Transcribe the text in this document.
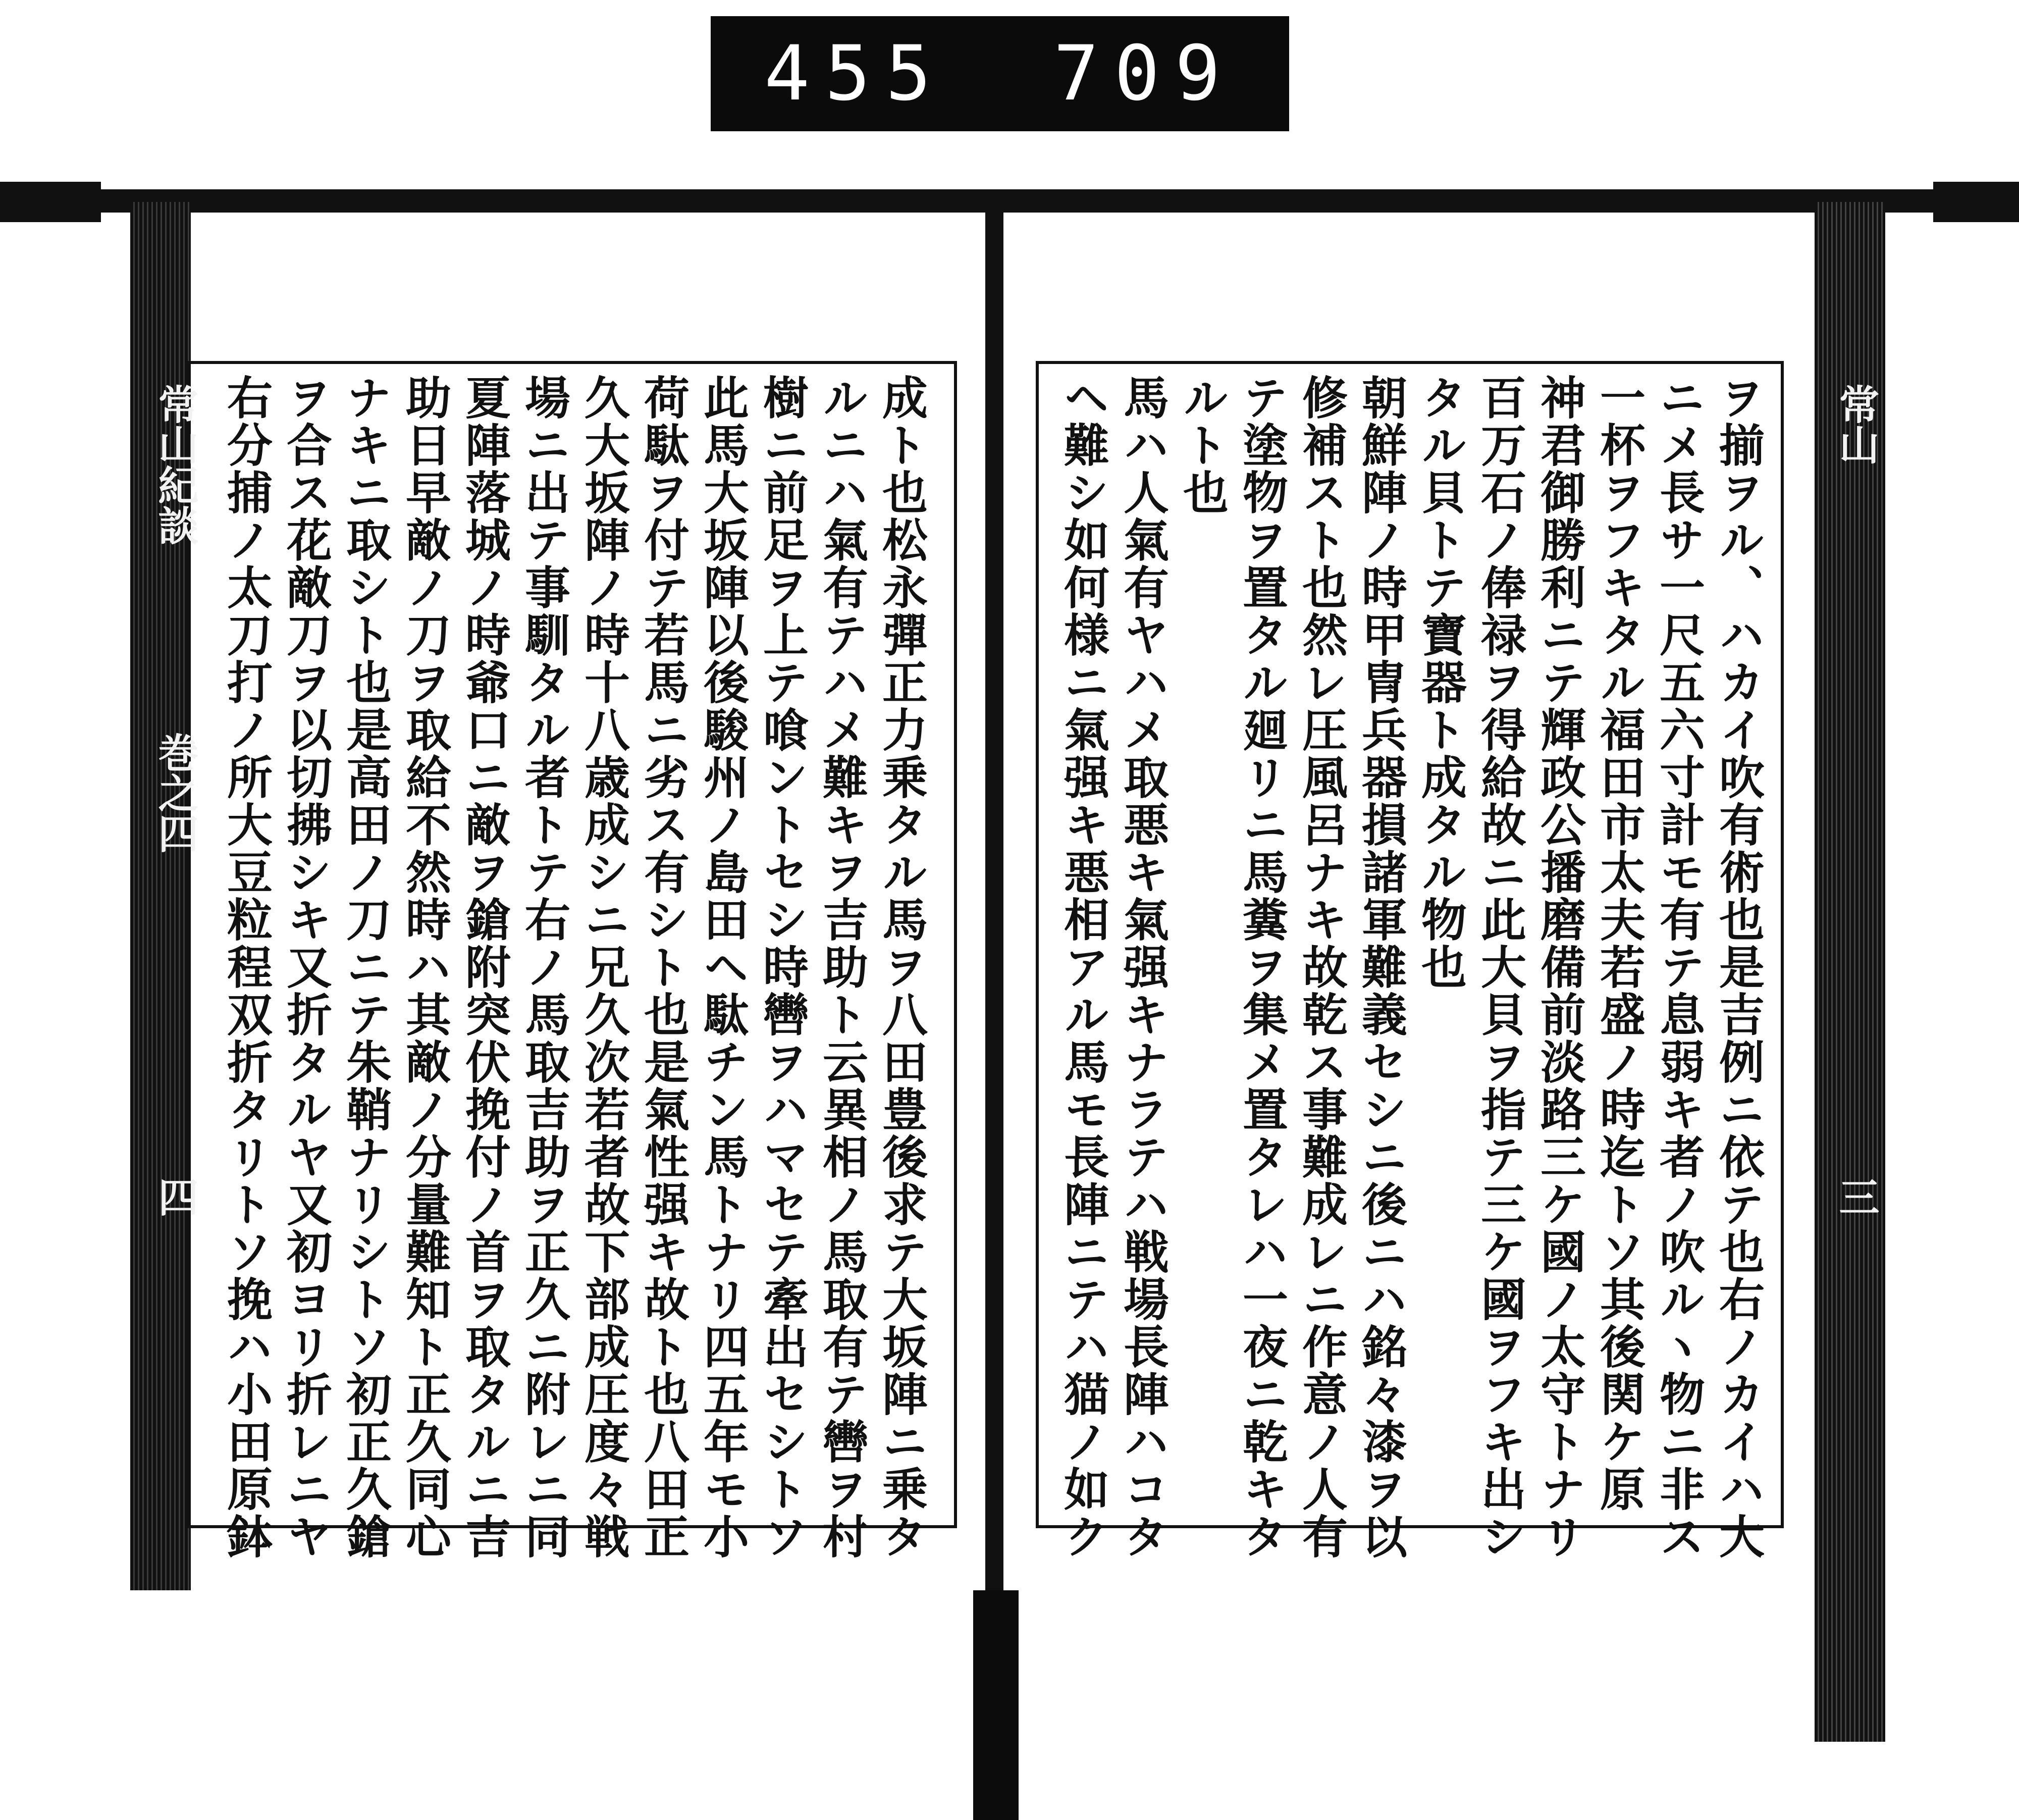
455 709
成ト也松永彈正力乗タル馬ヲ八田豊後求テ大坂陣ニ乗タ
ルニハ氣有テハメ難キヲ吉助ト云異相ノ馬取有テ轡ヲ村
樹ニ前足ヲ上テ喰ントセシ時轡ヲハマセテ牽出セシトソ
此馬大坂陣以後駿州ノ島田ヘ駄チン馬トナリ四五年モ小
荷駄ヲ付テ若馬ニ劣ス有シト也是氣性强キ故ト也八田正
久大坂陣ノ時十八歳成シニ兄久次若者故下部成圧度々戦
場ニ出テ事馴タル者トテ右ノ馬取吉助ヲ正久ニ附レニ同
夏陣落城ノ時爺口ニ敵ヲ鎗附突伏挽付ノ首ヲ取タルニ吉
助日早敵ノ刀ヲ取給不然時ハ其敵ノ分量難知ト正久同心
ナキニ取シト也是高田ノ刀ニテ朱鞘ナリシトソ初正久鎗
ヲ合ス花敵刀ヲ以切拂シキ又折タルヤ又初ヨリ折レニヤ
右分捕ノ太刀打ノ所大豆粒程双折タリトソ挽ハ小田原鉢
常山紀談
巻之四
四	ヲ揃ヲル、ハカイ吹有術也是吉例ニ依テ也右ノカイハ大
ニメ長サ一尺五六寸計モ有テ息弱キ者ノ吹ルヽ物ニ非ス
一杯ヲフキタル福田市太夫若盛ノ時迄トソ其後関ケ原
神君御勝利ニテ輝政公播磨備前淡路三ケ國ノ太守トナリ
百万石ノ俸禄ヲ得給故ニ此大貝ヲ指テ三ケ國ヲフキ出シ
タル貝トテ寶器ト成タル物也
朝鮮陣ノ時甲冑兵器損諸軍難義セシニ後ニハ銘々漆ヲ以
修補スト也然レ圧風呂ナキ故乾ス事難成レニ作意ノ人有
テ塗物ヲ置タル廻リニ馬糞ヲ集メ置タレハ一夜ニ乾キタ
ルト也
馬ハ人氣有ヤハメ取悪キ氣强キナラテハ戦場長陣ハコタ
ヘ難シ如何様ニ氣强キ悪相アル馬モ長陣ニテハ猫ノ如ク	常山
三
